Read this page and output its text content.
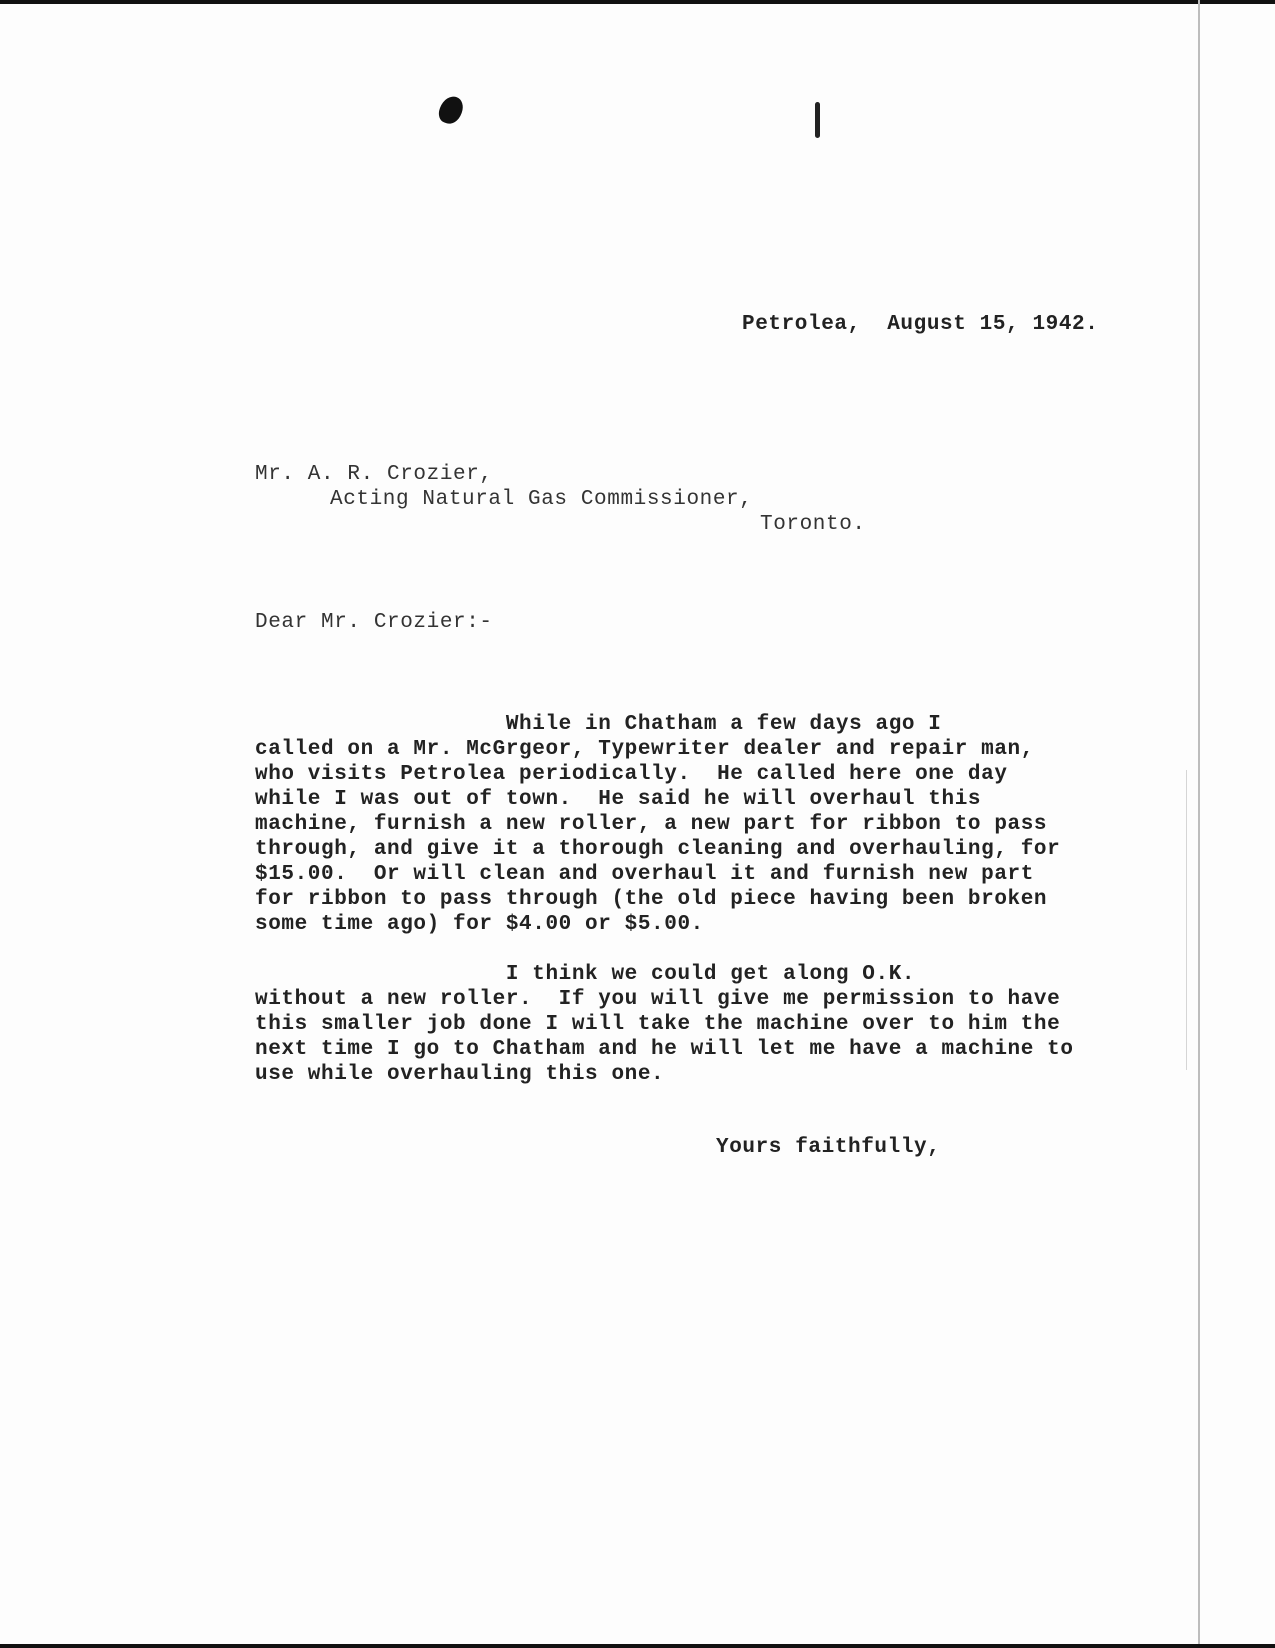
Petrolea,  August 15, 1942.
Mr. A. R. Crozier,
Acting Natural Gas Commissioner,
Toronto.
Dear Mr. Crozier:-
While in Chatham a few days ago I
called on a Mr. McGrgeor, Typewriter dealer and repair man,
who visits Petrolea periodically.  He called here one day
while I was out of town.  He said he will overhaul this
machine, furnish a new roller, a new part for ribbon to pass
through, and give it a thorough cleaning and overhauling, for
$15.00.  Or will clean and overhaul it and furnish new part
for ribbon to pass through (the old piece having been broken
some time ago) for $4.00 or $5.00.
I think we could get along O.K.
without a new roller.  If you will give me permission to have
this smaller job done I will take the machine over to him the
next time I go to Chatham and he will let me have a machine to
use while overhauling this one.
Yours faithfully,
